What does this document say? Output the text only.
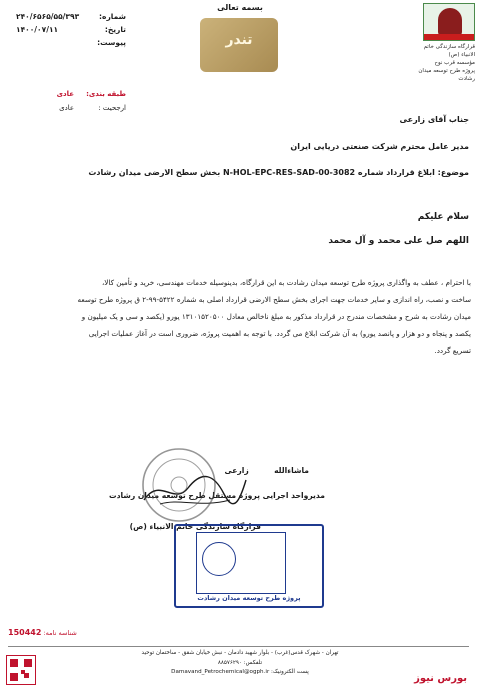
قرارگاه سازندگی خاتم الانبیاء (ص)
مؤسسه قرب نوح
پروژه طرح توسعه میدان رشادت
بسمه تعالی
تندر
شماره:
۲۴۰/۶۵۶۵/۵۵/۳۹۳
تاریخ:
۱۴۰۰/۰۷/۱۱
پیوست:
طبقه بندی:
عادی
ارجحیت :
عادی
جناب آقای زارعی
مدیر عامل محترم شرکت صنعتی دریایی ایران
موضوع: ابلاغ قرارداد شماره N-HOL-EPC-RES-SAD-00-3082 بخش سطح الارضی میدان رشادت
سلام علیکم
اللهم صل علی محمد و آل محمد
با احترام ، عطف به واگذاری پروژه طرح توسعه میدان رشادت به این قرارگاه، بدینوسیله خدمات مهندسی، خرید و تأمین کالا،
ساخت و نصب، راه اندازی و سایر خدمات جهت اجرای بخش سطح الارضی قرارداد اصلی به شماره ۵۴۲۲-۹۹-۲ ق پروژه طرح توسعه
میدان رشادت به شرح و مشخصات مندرج در قرارداد مذکور به مبلغ ناخالص معادل ۱۳۱۰۱۵۲۰۵۰۰ یورو (یکصد و سی و یک میلیون و
یکصد و پنجاه و دو هزار و پانصد یورو) به آن شرکت ابلاغ می گردد. با توجه به اهمیت پروژه، ضروری است در آغاز عملیات اجرایی
تسریع گردد.
ماشاءالله  زارعی
مدیرواحد اجرایی پروژه مستقل طرح توسعه میدان رشادت
قرارگاه سازندگی خاتم الانبیاء (ص)
پروژه طرح توسعه میدان رشادت
شناسه نامه: 150442
تهران - شهرک قدس(غرب) - بلوار شهید دادمان - نبش خیابان شقق - ساختمان توحید
تلفکس: ۸۸۵۷۶۲۹۰
پست الکترونیک: Damavand_Petrochemical@ogph.ir
بورس نیوز
